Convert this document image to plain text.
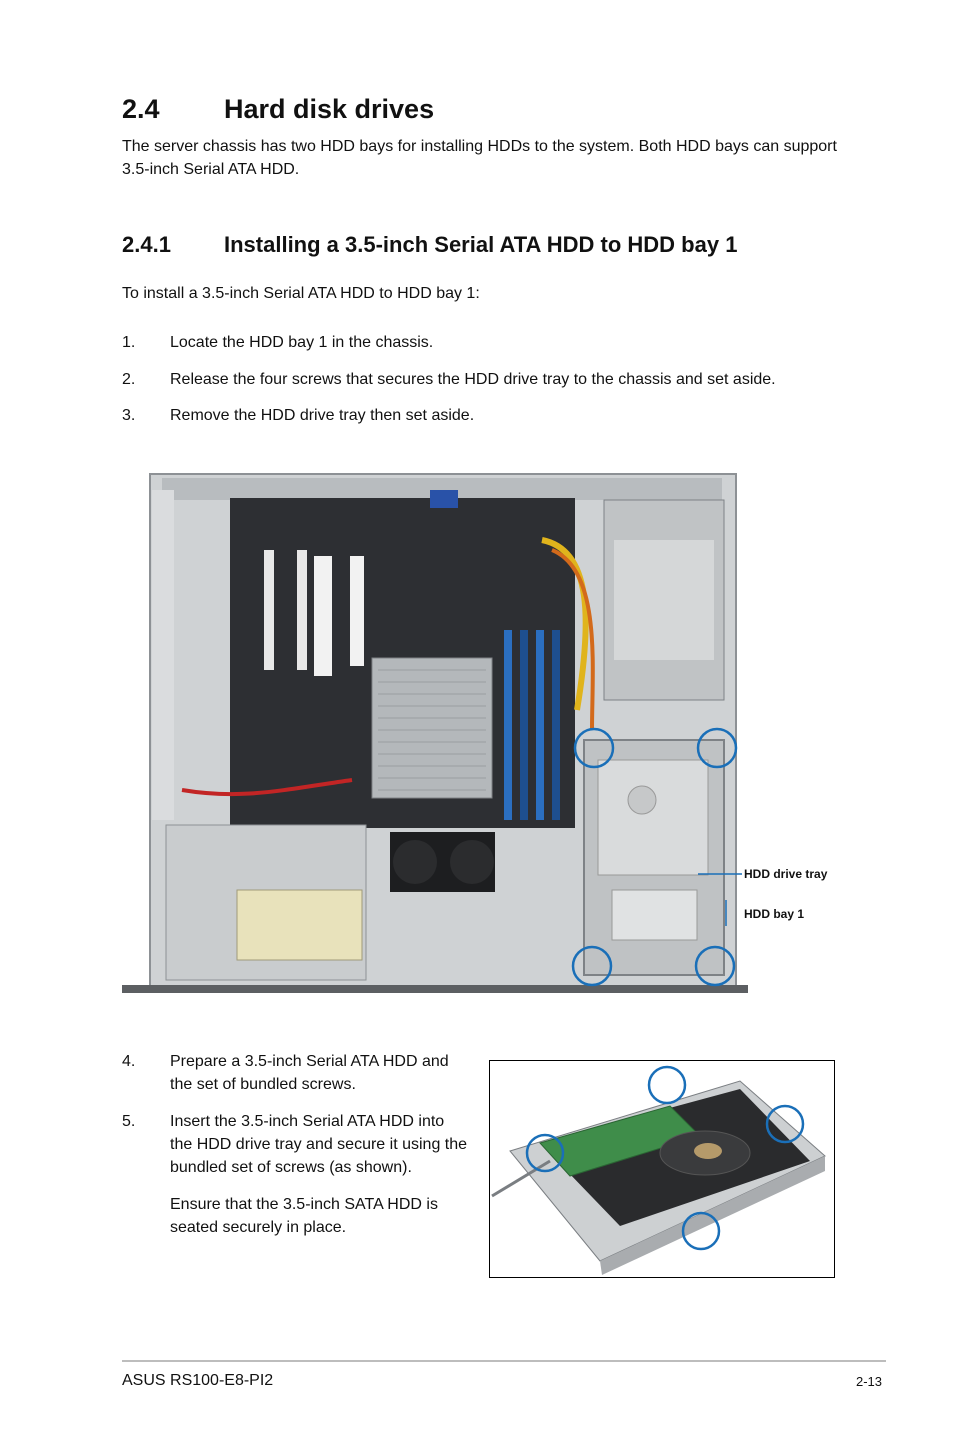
2.4 Hard disk drives

The server chassis has two HDD bays for installing HDDs to the system. Both HDD bays can support 3.5-inch Serial ATA HDD.

2.4.1 Installing a 3.5-inch Serial ATA HDD to HDD bay 1

To install a 3.5-inch Serial ATA HDD to HDD bay 1:

1. Locate the HDD bay 1 in the chassis.
2. Release the four screws that secures the HDD drive tray to the chassis and set aside.
3. Remove the HDD drive tray then set aside.
HDD drive tray
HDD bay 1
4. Prepare a 3.5-inch Serial ATA HDD and the set of bundled screws.
5. Insert the 3.5-inch Serial ATA HDD into the HDD drive tray and secure it using the bundled set of screws (as shown).

Ensure that the 3.5-inch SATA HDD is seated securely in place.

ASUS RS100-E8-PI2	2-13
